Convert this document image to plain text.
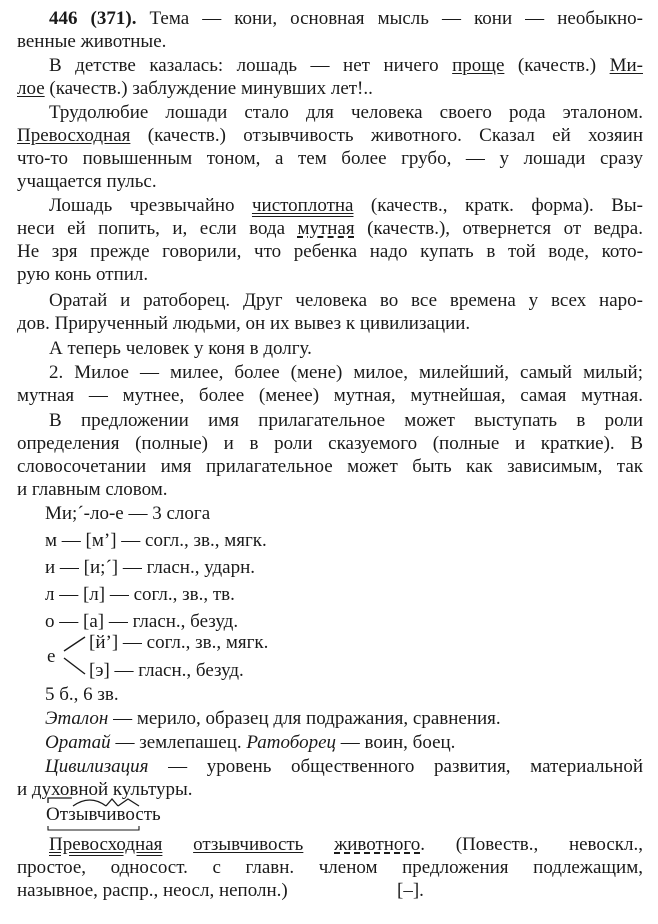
446 (371). Тема — кони, основная мысль — кони — необыкно-
венные животные.
В детстве казалась: лошадь — нет ничего проще (качеств.) Ми-
лое (качеств.) заблуждение минувших лет!..
Трудолюбие лошади стало для человека своего рода эталоном.
Превосходная (качеств.) отзывчивость животного. Сказал ей хозяин
что-то повышенным тоном, а тем более грубо, — у лошади сразу
учащается пульс.
Лошадь чрезвычайно чистоплотна (качеств., кратк. форма). Вы-
неси ей попить, и, если вода мутная (качеств.), отвернется от ведра.
Не зря прежде говорили, что ребенка надо купать в той воде, кото-
рую конь отпил.
Оратай и ратоборец. Друг человека во все времена у всех наро-
дов. Прирученный людьми, он их вывез к цивилизации.
А теперь человек у коня в долгу.
2. Милое — милее, более (мене) милое, милейший, самый милый;
мутная — мутнее, более (менее) мутная, мутнейшая, самая мутная.
В предложении имя прилагательное может выступать в роли
определения (полные) и в роли сказуемого (полные и краткие). В
словосочетании имя прилагательное может быть как зависимым, так
и главным словом.
Ми;´-ло-е — 3 слога
м — [м’] — согл., зв., мягк.
и — [и;´] — гласн., ударн.
л — [л] — согл., зв., тв.
о — [а] — гласн., безуд.
е
[й’] — согл., зв., мягк.
[э] — гласн., безуд.
5 б., 6 зв.
Эталон — мерило, образец для подражания, сравнения.
Оратай — землепашец. Ратоборец — воин, боец.
Цивилизация — уровень общественного развития, материальной
и духовной культуры.
Отзывчивость
Превосходная отзывчивость животного. (Повеств., невоскл.,
простое, односост. с главн. членом предложения подлежащим,
назывное, распр., неосл, неполн.)	[–].
